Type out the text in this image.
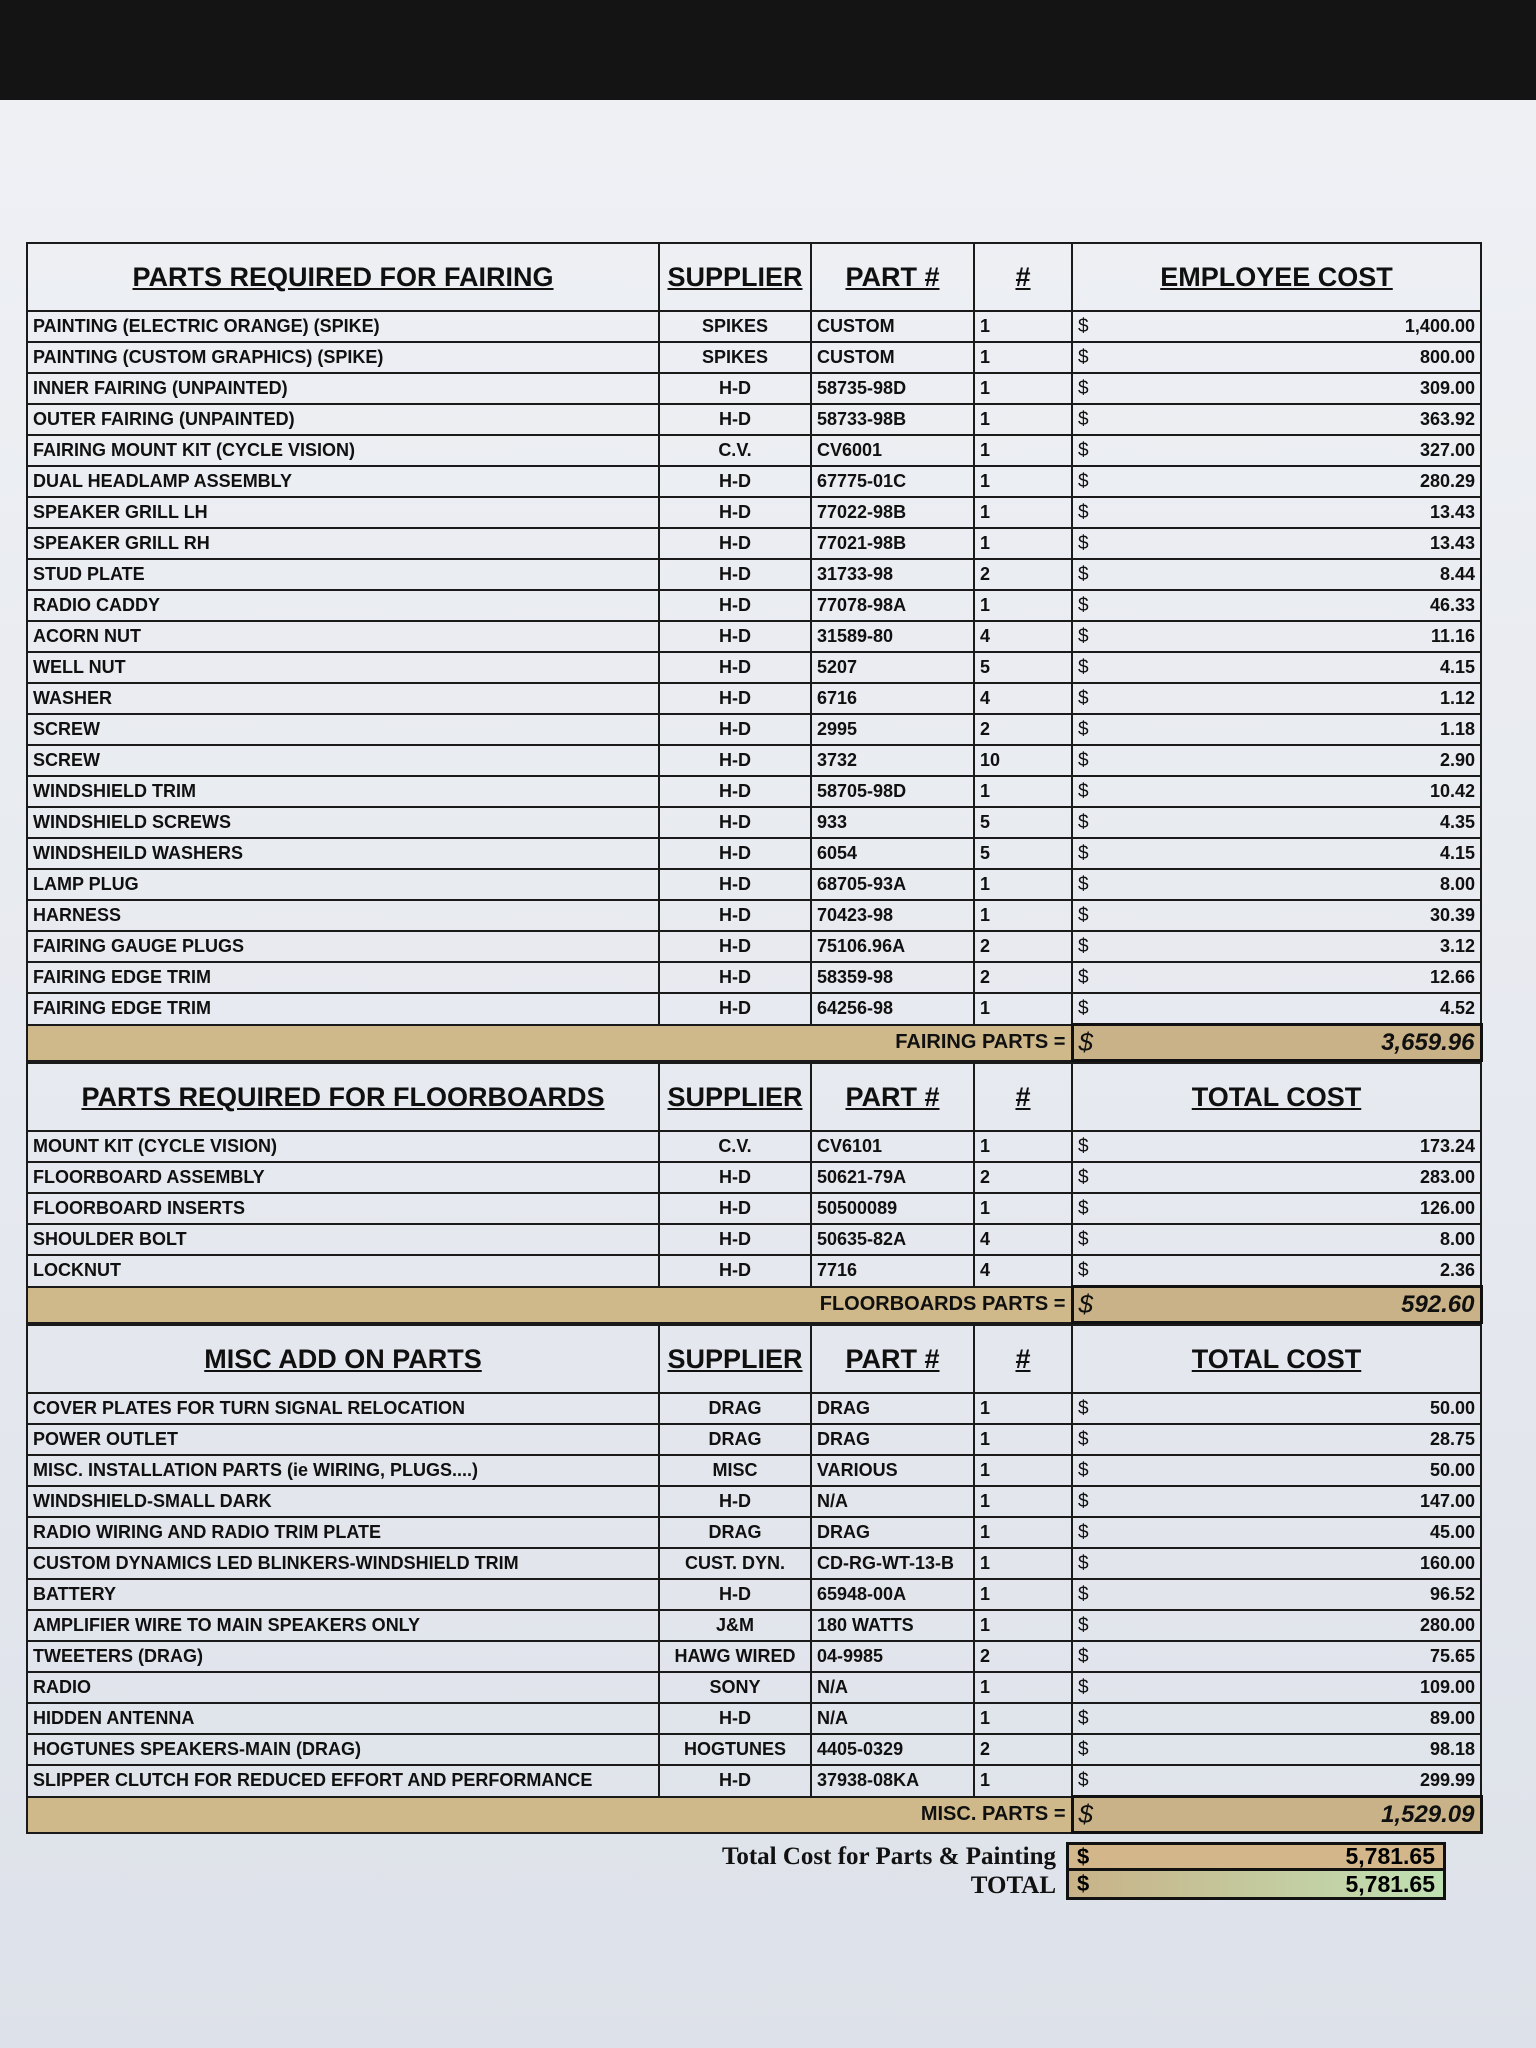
PARTS REQUIRED FOR FAIRING	SUPPLIER	PART #	#	EMPLOYEE COST
PAINTING (ELECTRIC ORANGE) (SPIKE)	SPIKES	CUSTOM	1	$ 1,400.00

PAINTING (CUSTOM GRAPHICS) (SPIKE)	SPIKES	CUSTOM	1	$ 800.00

INNER FAIRING (UNPAINTED)	H-D	58735-98D	1	$ 309.00

OUTER FAIRING (UNPAINTED)	H-D	58733-98B	1	$ 363.92

FAIRING MOUNT KIT (CYCLE VISION)	C.V.	CV6001	1	$ 327.00

DUAL HEADLAMP ASSEMBLY	H-D	67775-01C	1	$ 280.29

SPEAKER GRILL LH	H-D	77022-98B	1	$ 13.43

SPEAKER GRILL RH	H-D	77021-98B	1	$ 13.43

STUD PLATE	H-D	31733-98	2	$ 8.44

RADIO CADDY	H-D	77078-98A	1	$ 46.33

ACORN NUT	H-D	31589-80	4	$ 11.16

WELL NUT	H-D	5207	5	$ 4.15

WASHER	H-D	6716	4	$ 1.12

SCREW	H-D	2995	2	$ 1.18

SCREW	H-D	3732	10	$ 2.90

WINDSHIELD TRIM	H-D	58705-98D	1	$ 10.42

WINDSHIELD SCREWS	H-D	933	5	$ 4.35

WINDSHEILD WASHERS	H-D	6054	5	$ 4.15

LAMP PLUG	H-D	68705-93A	1	$ 8.00

HARNESS	H-D	70423-98	1	$ 30.39

FAIRING GAUGE PLUGS	H-D	75106.96A	2	$ 3.12

FAIRING EDGE TRIM	H-D	58359-98	2	$ 12.66

FAIRING EDGE TRIM	H-D	64256-98	1	$ 4.52

FAIRING PARTS =				$ 3,659.96
PARTS REQUIRED FOR FLOORBOARDS	SUPPLIER	PART #	#	TOTAL COST
MOUNT KIT (CYCLE VISION)	C.V.	CV6101	1	$ 173.24

FLOORBOARD ASSEMBLY	H-D	50621-79A	2	$ 283.00

FLOORBOARD INSERTS	H-D	50500089	1	$ 126.00

SHOULDER BOLT	H-D	50635-82A	4	$ 8.00

LOCKNUT	H-D	7716	4	$ 2.36

FLOORBOARDS PARTS =				$ 592.60
MISC ADD ON PARTS	SUPPLIER	PART #	#	TOTAL COST
COVER PLATES FOR TURN SIGNAL RELOCATION	DRAG	DRAG	1	$ 50.00

POWER OUTLET	DRAG	DRAG	1	$ 28.75

MISC. INSTALLATION PARTS (ie WIRING, PLUGS....)	MISC	VARIOUS	1	$ 50.00

WINDSHIELD-SMALL DARK	H-D	N/A	1	$ 147.00

RADIO WIRING AND RADIO TRIM PLATE	DRAG	DRAG	1	$ 45.00

CUSTOM DYNAMICS LED BLINKERS-WINDSHIELD TRIM	CUST. DYN.	CD-RG-WT-13-B	1	$ 160.00

BATTERY	H-D	65948-00A	1	$ 96.52

AMPLIFIER WIRE TO MAIN SPEAKERS ONLY	J&M	180 WATTS	1	$ 280.00

TWEETERS (DRAG)	HAWG WIRED	04-9985	2	$ 75.65

RADIO	SONY	N/A	1	$ 109.00

HIDDEN ANTENNA	H-D	N/A	1	$ 89.00

HOGTUNES SPEAKERS-MAIN (DRAG)	HOGTUNES	4405-0329	2	$ 98.18

SLIPPER CLUTCH FOR REDUCED EFFORT AND PERFORMANCE	H-D	37938-08KA	1	$ 299.99

MISC. PARTS =				$ 1,529.09
Total Cost for Parts & Painting $	5,781.65
TOTAL $	5,781.65
